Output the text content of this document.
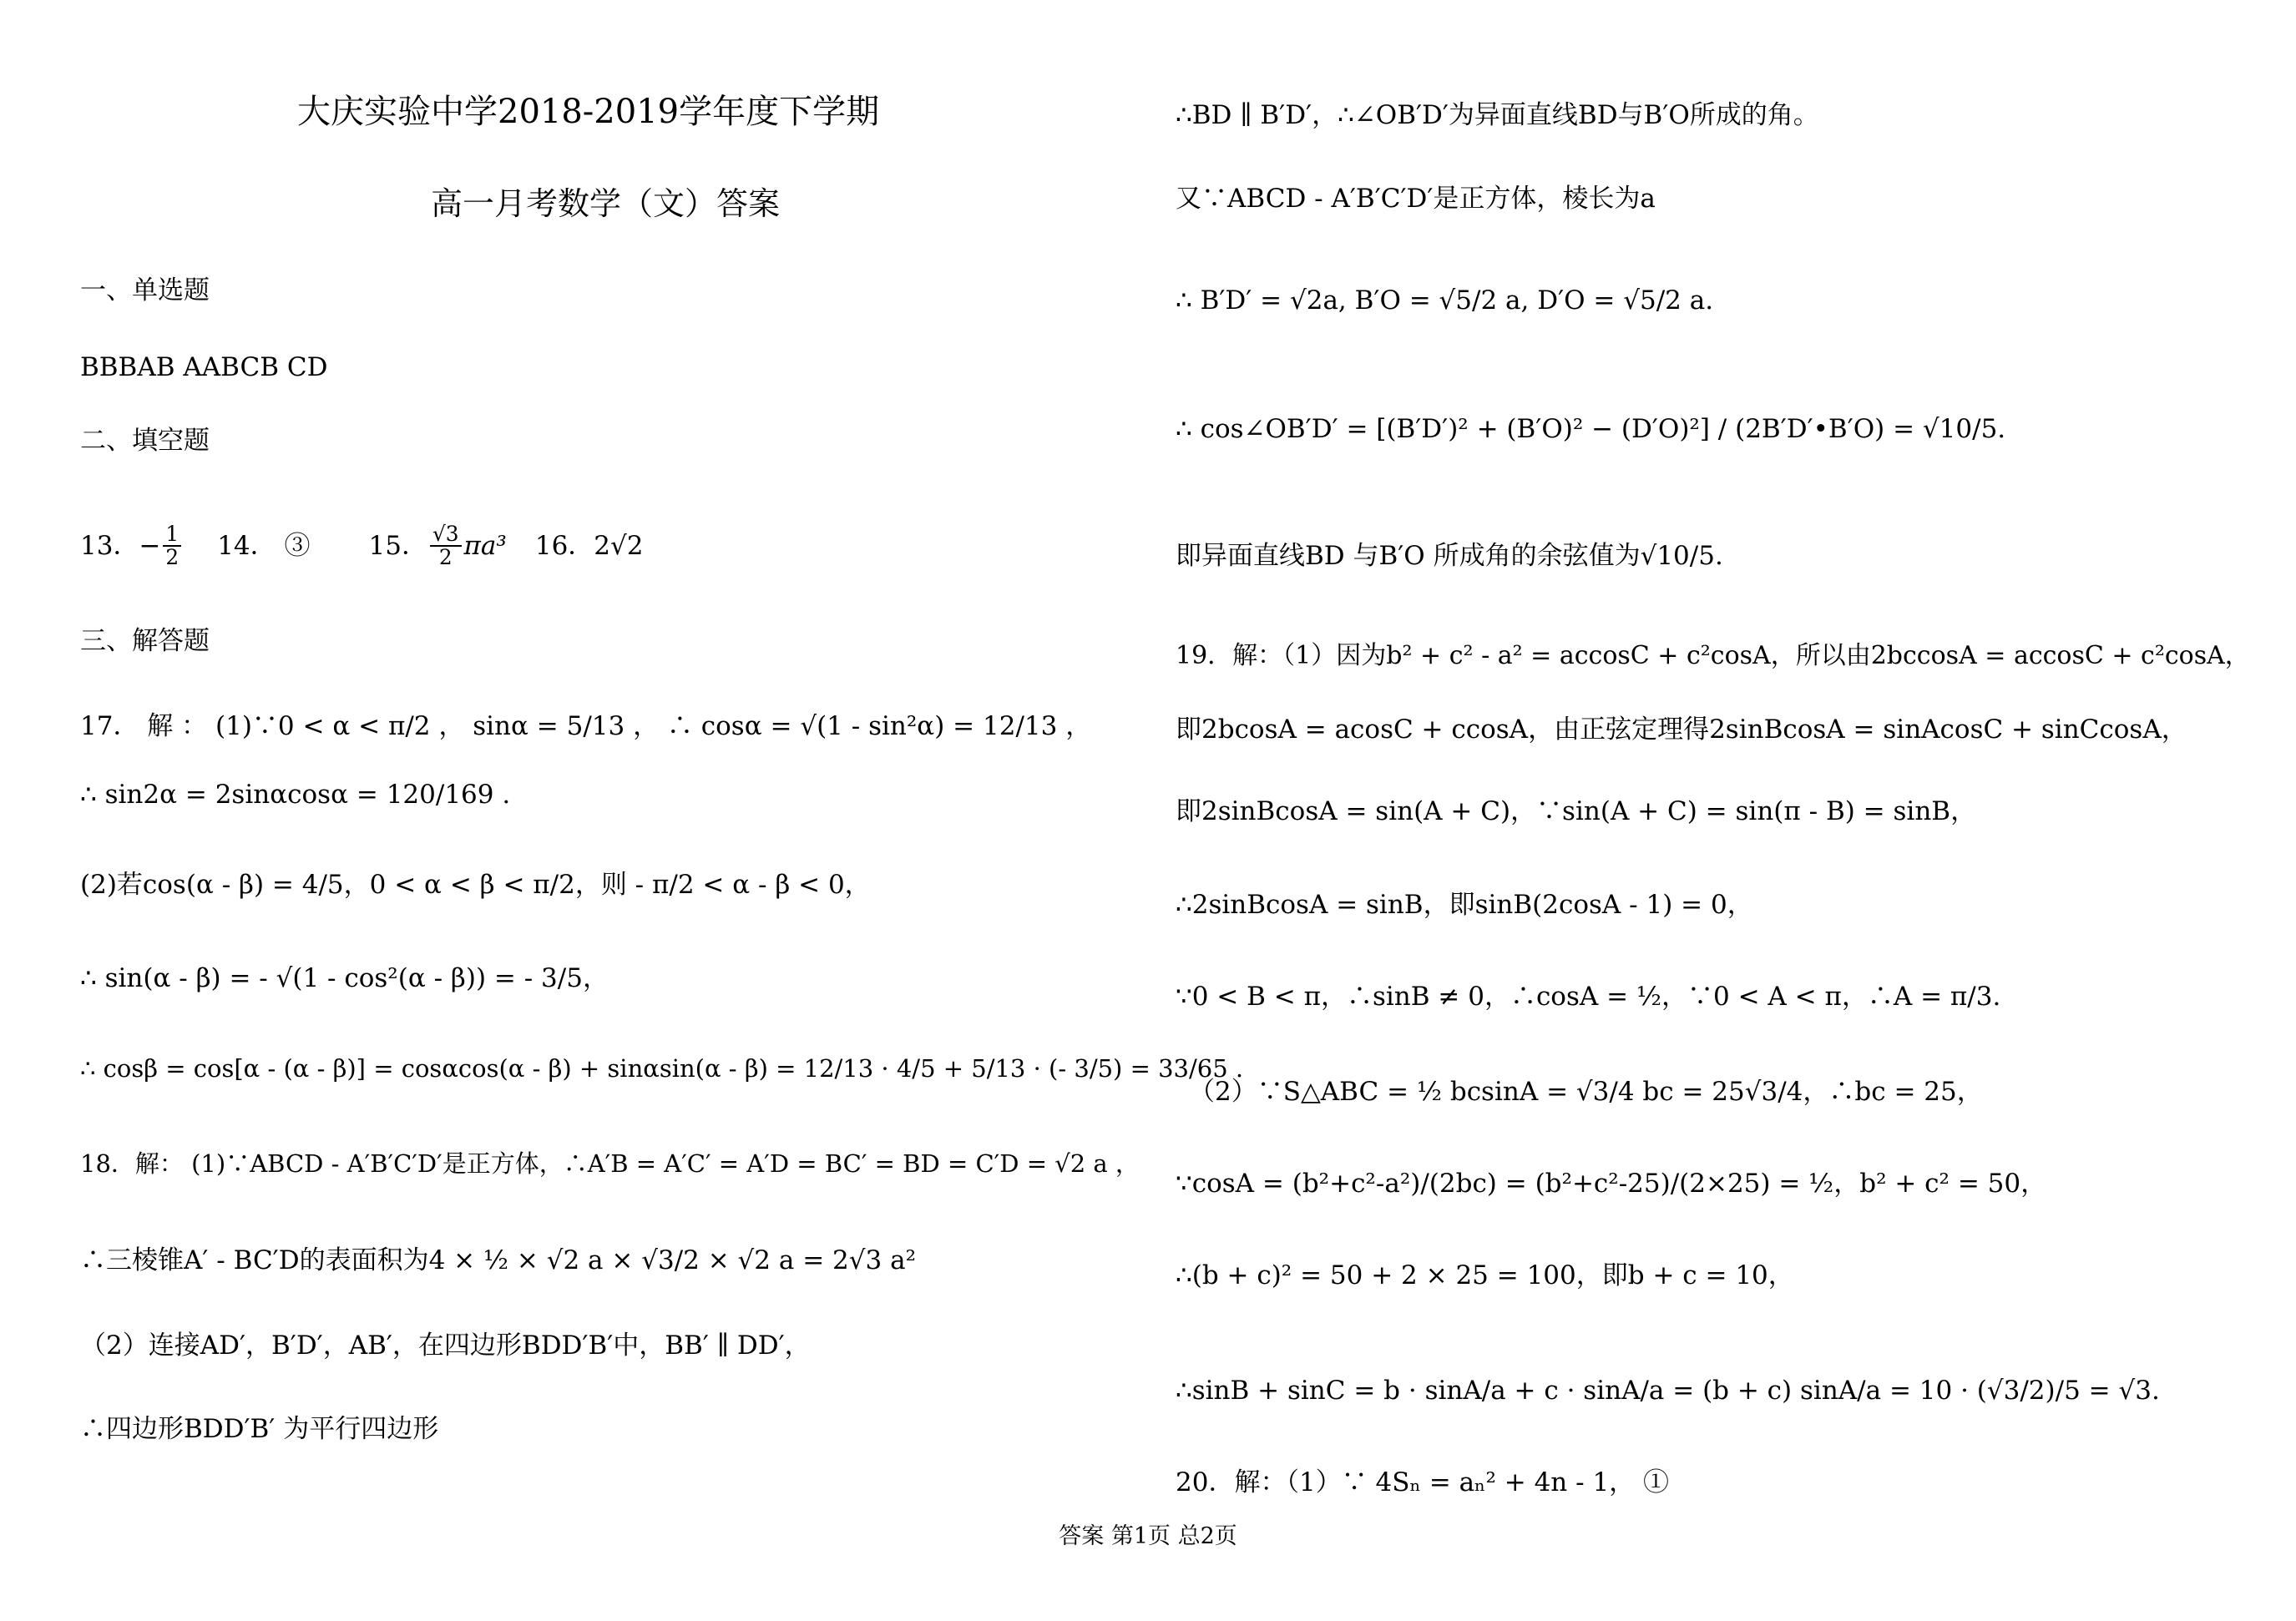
大庆实验中学2018-2019学年度下学期
高一月考数学（文）答案
一、单选题
BBBAB AABCB CD
二、填空题
13．− $\frac{1}{2} 14$． ③ 15． $\frac{√3}{2} \pi a^3$ 16．2√2
三、解答题
17． 解 ： (1)∵0 < α < π/2 ， sinα = 5/13 ， ∴ cosα = √(1 - sin²α) = 12/13 ，
∴ sin2α = 2sinαcosα = 120/169 .
(2)若cos(α - β) = 4/5，0 < α < β < π/2，则 - π/2 < α - β < 0，
∴ sin(α - β) = - √(1 - cos²(α - β)) = - 3/5，
∴ cosβ = cos[α - (α - β)] = cosαcos(α - β) + sinαsin(α - β) = 12/13 · 4/5 + 5/13 · (- 3/5) = 33/65 .
18．解： (1)∵ABCD - A′B′C′D′是正方体，∴A′B = A′C′ = A′D = BC′ = BD = C′D = √2 a ，
∴三棱锥A′ - BC′D的表面积为4 × ½ × √2 a × √3/2 × √2 a = 2√3 a²
（2）连接AD′，B′D′，AB′，在四边形BDD′B′中，BB′ ∥ DD′，
∴四边形BDD′B′ 为平行四边形
∴BD ∥ B′D′，∴∠OB′D′为异面直线BD与B′O所成的角。
又∵ABCD - A′B′C′D′是正方体，棱长为a
∴ B′D′ = √2a, B′O = √5/2 a, D′O = √5/2 a.
∴ cos∠OB′D′ = [(B′D′)² + (B′O)² − (D′O)²] / (2B′D′•B′O) = √10/5.
即异面直线BD 与B′O 所成角的余弦值为√10/5.
19．解：（1）因为b² + c² - a² = accosC + c²cosA，所以由2bccosA = accosC + c²cosA，
即2bcosA = acosC + ccosA，由正弦定理得2sinBcosA = sinAcosC + sinCcosA，
即2sinBcosA = sin(A + C)，∵sin(A + C) = sin(π - B) = sinB，
∴2sinBcosA = sinB，即sinB(2cosA - 1) = 0，
∵0 < B < π，∴sinB ≠ 0，∴cosA = ½，∵0 < A < π，∴A = π/3.
（2）∵S△ABC = ½ bcsinA = √3/4 bc = 25√3/4，∴bc = 25，
∵cosA = (b²+c²-a²)/(2bc) = (b²+c²-25)/(2×25) = ½，b² + c² = 50，
∴(b + c)² = 50 + 2 × 25 = 100，即b + c = 10，
∴sinB + sinC = b · sinA/a + c · sinA/a = (b + c) sinA/a = 10 · (√3/2)/5 = √3.
20．解：（1）∵ 4Sₙ = aₙ² + 4n - 1， ①
答案 第1页 总2页
